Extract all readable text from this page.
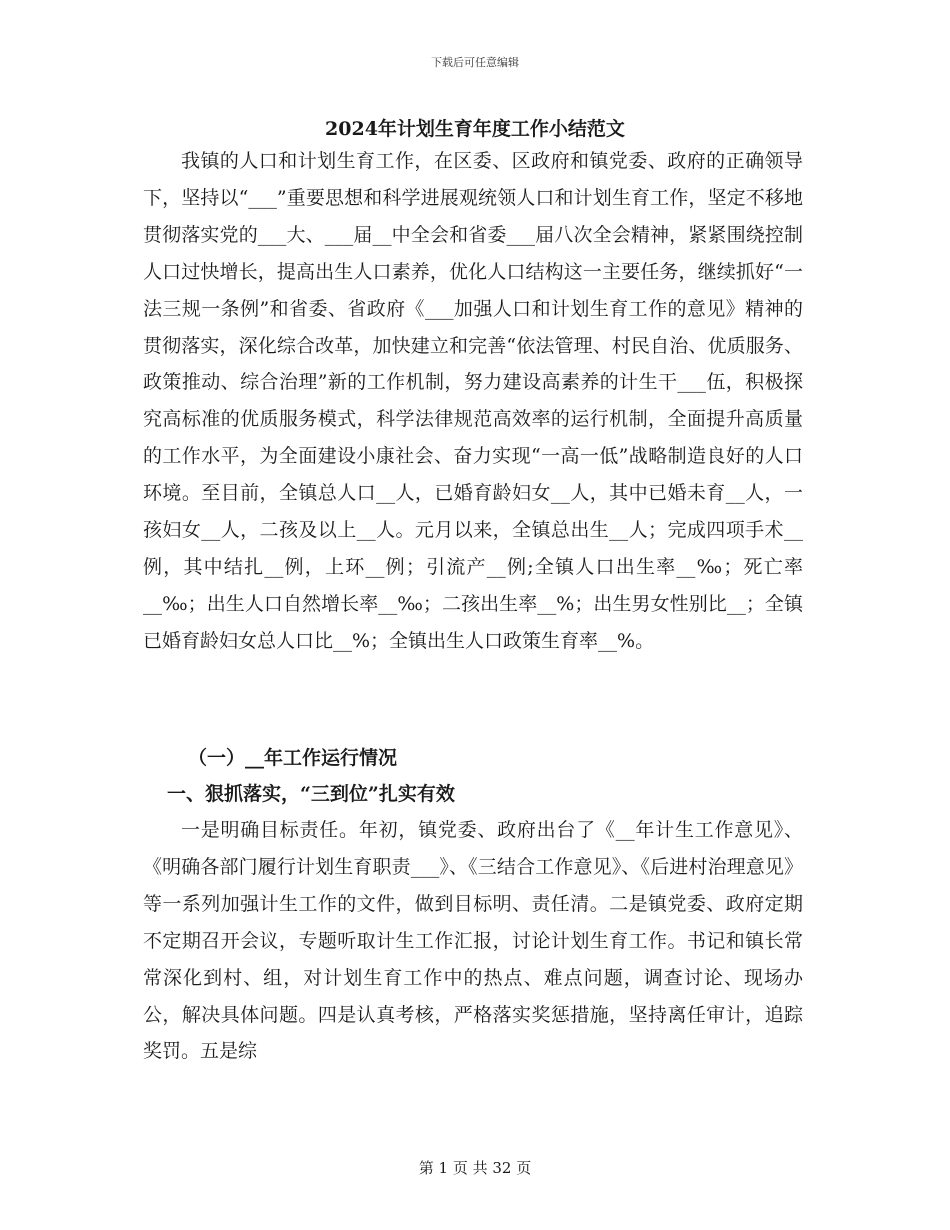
下载后可任意编辑
2024年计划生育年度工作小结范文

我镇的人口和计划生育工作，在区委、区政府和镇党委、政府的正确领导下，坚持以“___”重要思想和科学进展观统领人口和计划生育工作，坚定不移地贯彻落实党的___大、___届__中全会和省委___届八次全会精神，紧紧围绕控制人口过快增长，提高出生人口素养，优化人口结构这一主要任务，继续抓好“一法三规一条例”和省委、省政府《___加强人口和计划生育工作的意见》精神的贯彻落实，深化综合改革，加快建立和完善“依法管理、村民自治、优质服务、政策推动、综合治理”新的工作机制，努力建设高素养的计生干___伍，积极探究高标准的优质服务模式，科学法律规范高效率的运行机制，全面提升高质量的工作水平，为全面建设小康社会、奋力实现“一高一低”战略制造良好的人口环境。至目前，全镇总人口__人，已婚育龄妇女__人，其中已婚未育__人，一孩妇女__人，二孩及以上__人。元月以来，全镇总出生__人；完成四项手术__例，其中结扎__例，上环__例；引流产__例;全镇人口出生率__‰；死亡率__‰；出生人口自然增长率__‰；二孩出生率__%；出生男女性别比__；全镇已婚育龄妇女总人口比__%；全镇出生人口政策生育率__%。

（一）__年工作运行情况

一、狠抓落实，“三到位”扎实有效

一是明确目标责任。年初，镇党委、政府出台了《__年计生工作意见》、《明确各部门履行计划生育职责___》、《三结合工作意见》、《后进村治理意见》等一系列加强计生工作的文件，做到目标明、责任清。二是镇党委、政府定期不定期召开会议，专题听取计生工作汇报，讨论计划生育工作。书记和镇长常常深化到村、组，对计划生育工作中的热点、难点问题，调查讨论、现场办公，解决具体问题。四是认真考核，严格落实奖惩措施，坚持离任审计，追踪奖罚。五是综

第 1 页 共 32 页
